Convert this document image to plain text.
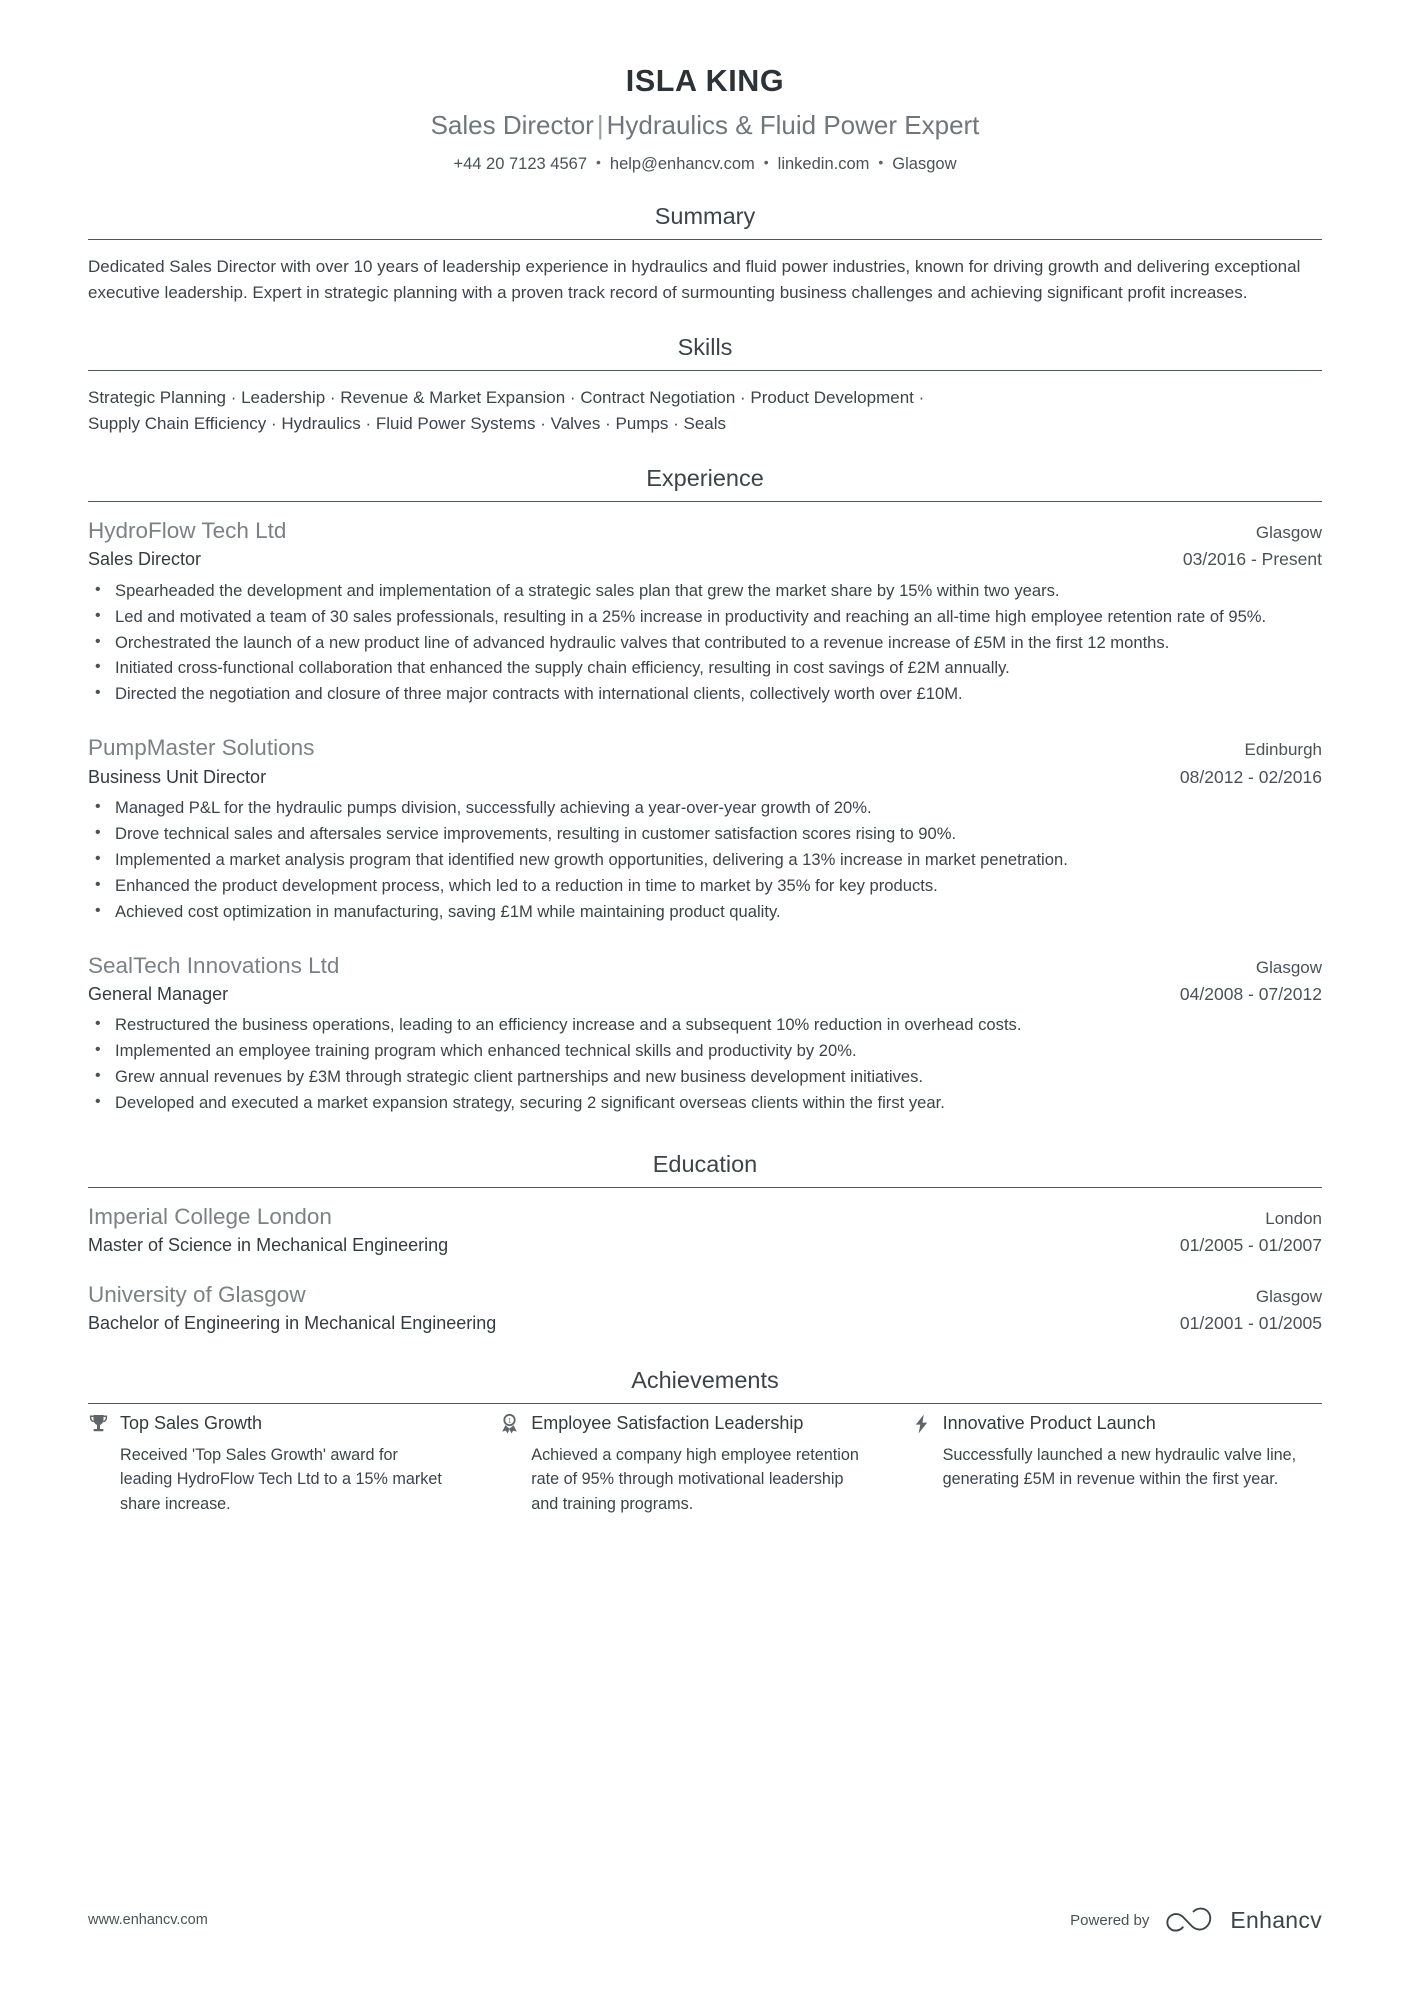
ISLA KING
Sales Director | Hydraulics & Fluid Power Expert
+44 20 7123 4567 • help@enhancv.com • linkedin.com • Glasgow
Summary
Dedicated Sales Director with over 10 years of leadership experience in hydraulics and fluid power industries, known for driving growth and delivering exceptional executive leadership. Expert in strategic planning with a proven track record of surmounting business challenges and achieving significant profit increases.
Skills
Strategic Planning · Leadership · Revenue & Market Expansion · Contract Negotiation · Product Development ·
Supply Chain Efficiency · Hydraulics · Fluid Power Systems · Valves · Pumps · Seals
Experience
HydroFlow Tech Ltd	Glasgow
Sales Director	03/2016 - Present
• Spearheaded the development and implementation of a strategic sales plan that grew the market share by 15% within two years.
• Led and motivated a team of 30 sales professionals, resulting in a 25% increase in productivity and reaching an all-time high employee retention rate of 95%.
• Orchestrated the launch of a new product line of advanced hydraulic valves that contributed to a revenue increase of £5M in the first 12 months.
• Initiated cross-functional collaboration that enhanced the supply chain efficiency, resulting in cost savings of £2M annually.
• Directed the negotiation and closure of three major contracts with international clients, collectively worth over £10M.
PumpMaster Solutions	Edinburgh
Business Unit Director	08/2012 - 02/2016
• Managed P&L for the hydraulic pumps division, successfully achieving a year-over-year growth of 20%.
• Drove technical sales and aftersales service improvements, resulting in customer satisfaction scores rising to 90%.
• Implemented a market analysis program that identified new growth opportunities, delivering a 13% increase in market penetration.
• Enhanced the product development process, which led to a reduction in time to market by 35% for key products.
• Achieved cost optimization in manufacturing, saving £1M while maintaining product quality.
SealTech Innovations Ltd	Glasgow
General Manager	04/2008 - 07/2012
• Restructured the business operations, leading to an efficiency increase and a subsequent 10% reduction in overhead costs.
• Implemented an employee training program which enhanced technical skills and productivity by 20%.
• Grew annual revenues by £3M through strategic client partnerships and new business development initiatives.
• Developed and executed a market expansion strategy, securing 2 significant overseas clients within the first year.
Education
Imperial College London	London
Master of Science in Mechanical Engineering	01/2005 - 01/2007
University of Glasgow	Glasgow
Bachelor of Engineering in Mechanical Engineering	01/2001 - 01/2005
Achievements
Top Sales Growth
Received 'Top Sales Growth' award for leading HydroFlow Tech Ltd to a 15% market share increase.
1 Employee Satisfaction Leadership
Achieved a company high employee retention rate of 95% through motivational leadership and training programs.
Innovative Product Launch
Successfully launched a new hydraulic valve line, generating £5M in revenue within the first year.
www.enhancv.com	Powered by	Enhancv
